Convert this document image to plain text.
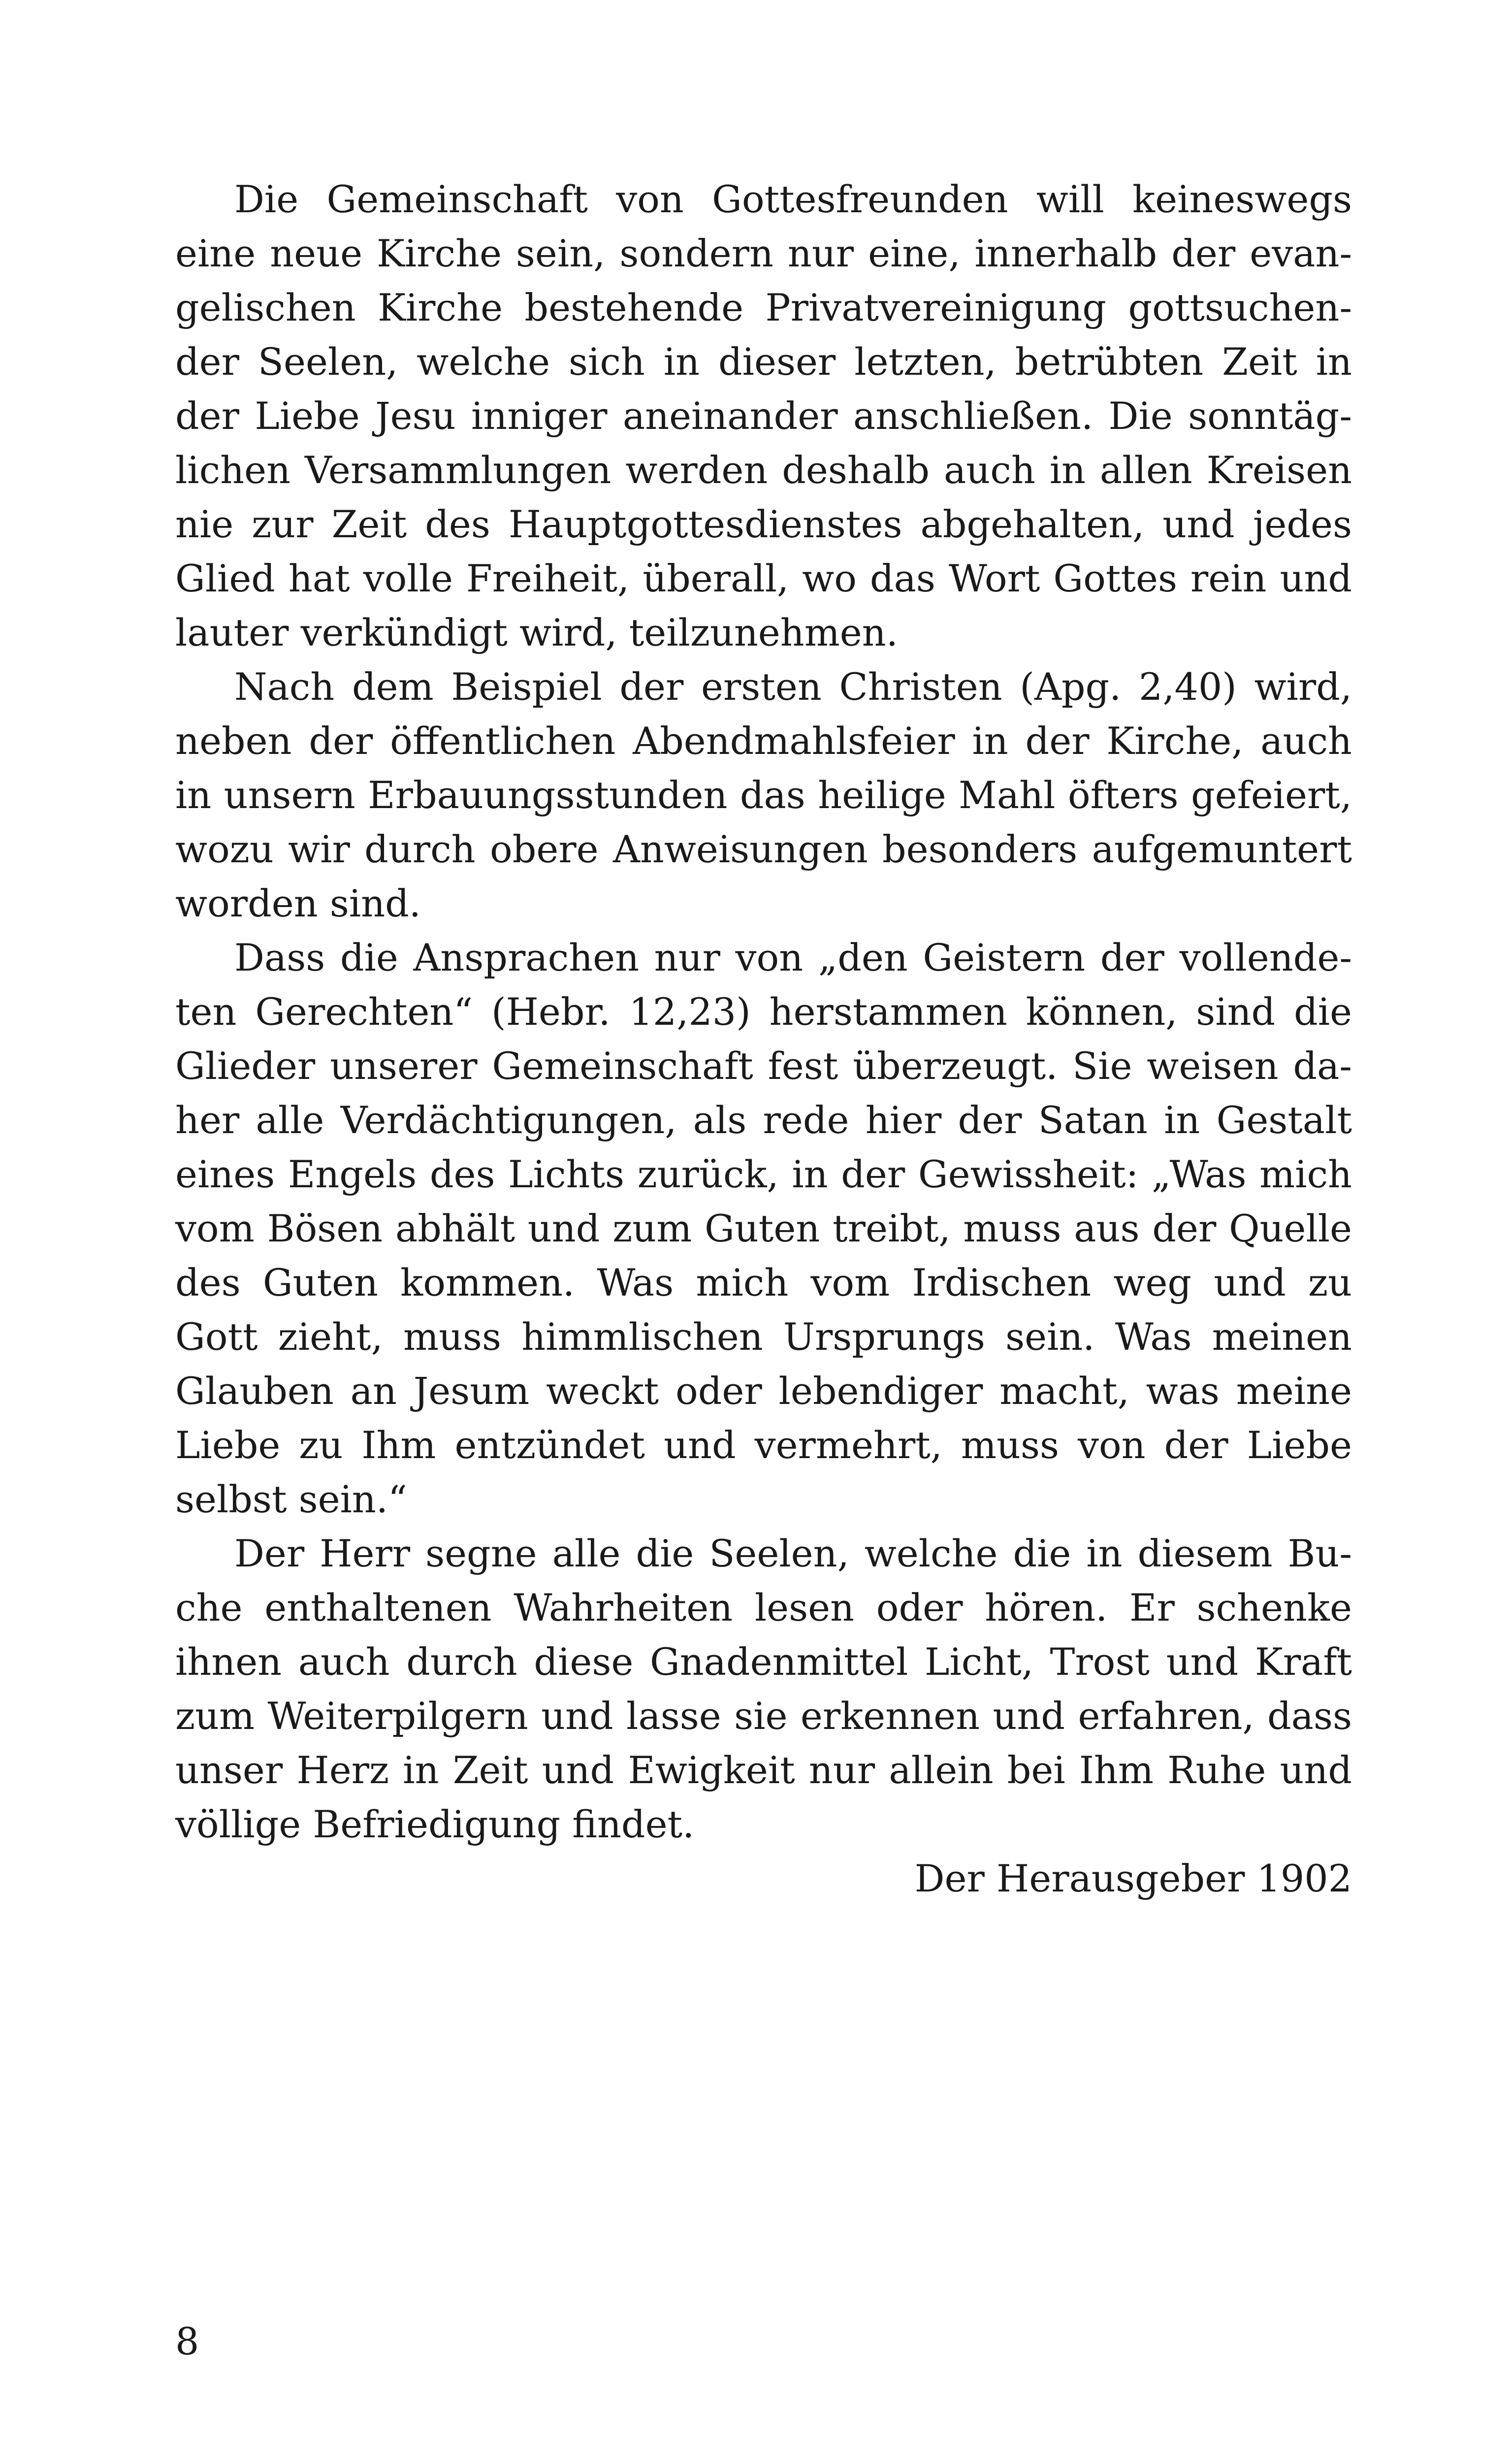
Die Gemeinschaft von Gottesfreunden will keineswegs
eine neue Kirche sein, sondern nur eine, innerhalb der evan-
gelischen Kirche bestehende Privatvereinigung gottsuchen-
der Seelen, welche sich in dieser letzten, betrübten Zeit in
der Liebe Jesu inniger aneinander anschließen. Die sonntäg-
lichen Versammlungen werden deshalb auch in allen Kreisen
nie zur Zeit des Hauptgottesdienstes abgehalten, und jedes
Glied hat volle Freiheit, überall, wo das Wort Gottes rein und
lauter verkündigt wird, teilzunehmen.
Nach dem Beispiel der ersten Christen (Apg. 2,40) wird,
neben der öffentlichen Abendmahlsfeier in der Kirche, auch
in unsern Erbauungsstunden das heilige Mahl öfters gefeiert,
wozu wir durch obere Anweisungen besonders aufgemuntert
worden sind.
Dass die Ansprachen nur von „den Geistern der vollende-
ten Gerechten“ (Hebr. 12,23) herstammen können, sind die
Glieder unserer Gemeinschaft fest überzeugt. Sie weisen da-
her alle Verdächtigungen, als rede hier der Satan in Gestalt
eines Engels des Lichts zurück, in der Gewissheit: „Was mich
vom Bösen abhält und zum Guten treibt, muss aus der Quelle
des Guten kommen. Was mich vom Irdischen weg und zu
Gott zieht, muss himmlischen Ursprungs sein. Was meinen
Glauben an Jesum weckt oder lebendiger macht, was meine
Liebe zu Ihm entzündet und vermehrt, muss von der Liebe
selbst sein.“
Der Herr segne alle die Seelen, welche die in diesem Bu-
che enthaltenen Wahrheiten lesen oder hören. Er schenke
ihnen auch durch diese Gnadenmittel Licht, Trost und Kraft
zum Weiterpilgern und lasse sie erkennen und erfahren, dass
unser Herz in Zeit und Ewigkeit nur allein bei Ihm Ruhe und
völlige Befriedigung findet.
Der Herausgeber 1902
8
